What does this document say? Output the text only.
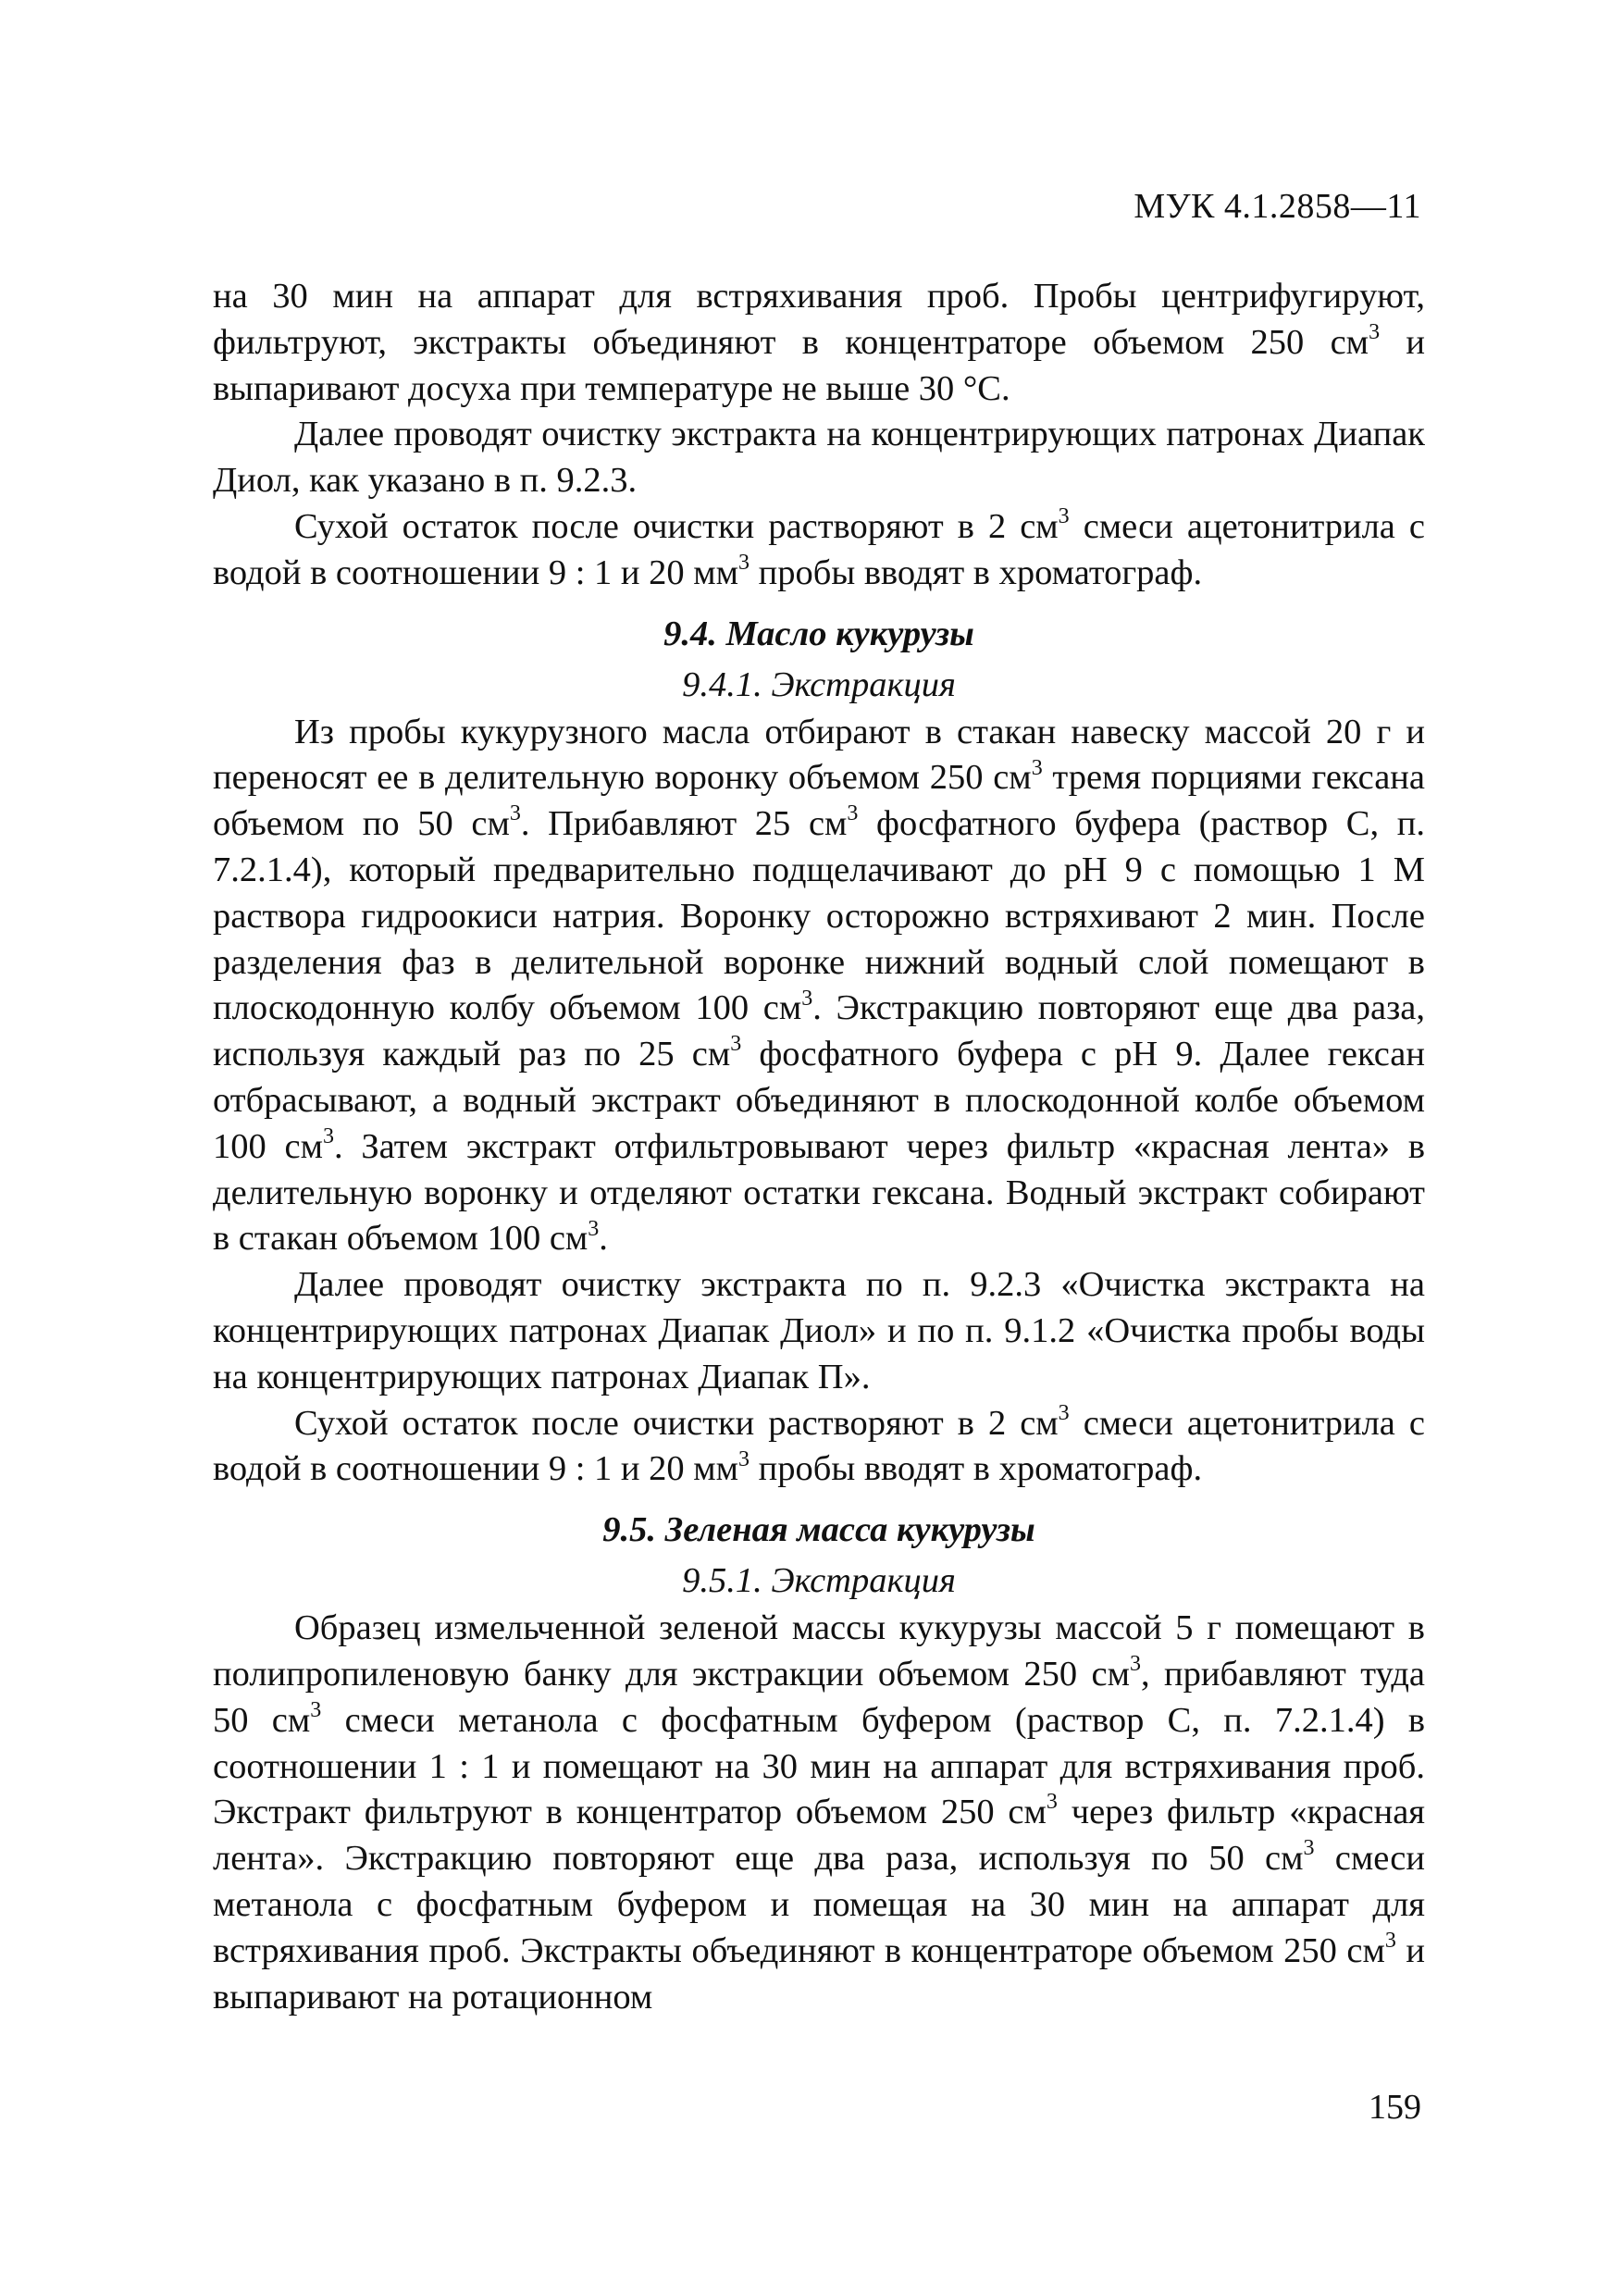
МУК 4.1.2858—11

на 30 мин на аппарат для встряхивания проб. Пробы центрифугируют, фильтруют, экстракты объединяют в концентраторе объемом 250 $см^3$ и выпаривают досуха при температуре не выше 30 °С.

Далее проводят очистку экстракта на концентрирующих патронах Диапак Диол, как указано в п. 9.2.3.

Сухой остаток после очистки растворяют в 2 $см^3$ смеси ацетонитрила с водой в соотношении 9 : 1 и 20 $мм^3$ пробы вводят в хроматограф.

9.4. Масло кукурузы
9.4.1. Экстракция

Из пробы кукурузного масла отбирают в стакан навеску массой 20 г и переносят ее в делительную воронку объемом 250 $см^3$ тремя порциями гексана объемом по 50 $см^3$. Прибавляют 25 $см^3$ фосфатного буфера (раствор С, п. 7.2.1.4), который предварительно подщелачивают до рН 9 с помощью 1 М раствора гидроокиси натрия. Воронку осторожно встряхивают 2 мин. После разделения фаз в делительной воронке нижний водный слой помещают в плоскодонную колбу объемом 100 $см^3$. Экстракцию повторяют еще два раза, используя каждый раз по 25 $см^3$ фосфатного буфера с рН 9. Далее гексан отбрасывают, а водный экстракт объединяют в плоскодонной колбе объемом 100 $см^3$. Затем экстракт отфильтровывают через фильтр «красная лента» в делительную воронку и отделяют остатки гексана. Водный экстракт собирают в стакан объемом 100 $см^3$.

Далее проводят очистку экстракта по п. 9.2.3 «Очистка экстракта на концентрирующих патронах Диапак Диол» и по п. 9.1.2 «Очистка пробы воды на концентрирующих патронах Диапак П».

Сухой остаток после очистки растворяют в 2 $см^3$ смеси ацетонитрила с водой в соотношении 9 : 1 и 20 $мм^3$ пробы вводят в хроматограф.

9.5. Зеленая масса кукурузы
9.5.1. Экстракция

Образец измельченной зеленой массы кукурузы массой 5 г помещают в полипропиленовую банку для экстракции объемом 250 $см^3$, прибавляют туда 50 $см^3$ смеси метанола с фосфатным буфером (раствор С, п. 7.2.1.4) в соотношении 1 : 1 и помещают на 30 мин на аппарат для встряхивания проб. Экстракт фильтруют в концентратор объемом 250 $см^3$ через фильтр «красная лента». Экстракцию повторяют еще два раза, используя по 50 $см^3$ смеси метанола с фосфатным буфером и помещая на 30 мин на аппарат для встряхивания проб. Экстракты объединяют в концентраторе объемом 250 $см^3$ и выпаривают на ротационном

159
